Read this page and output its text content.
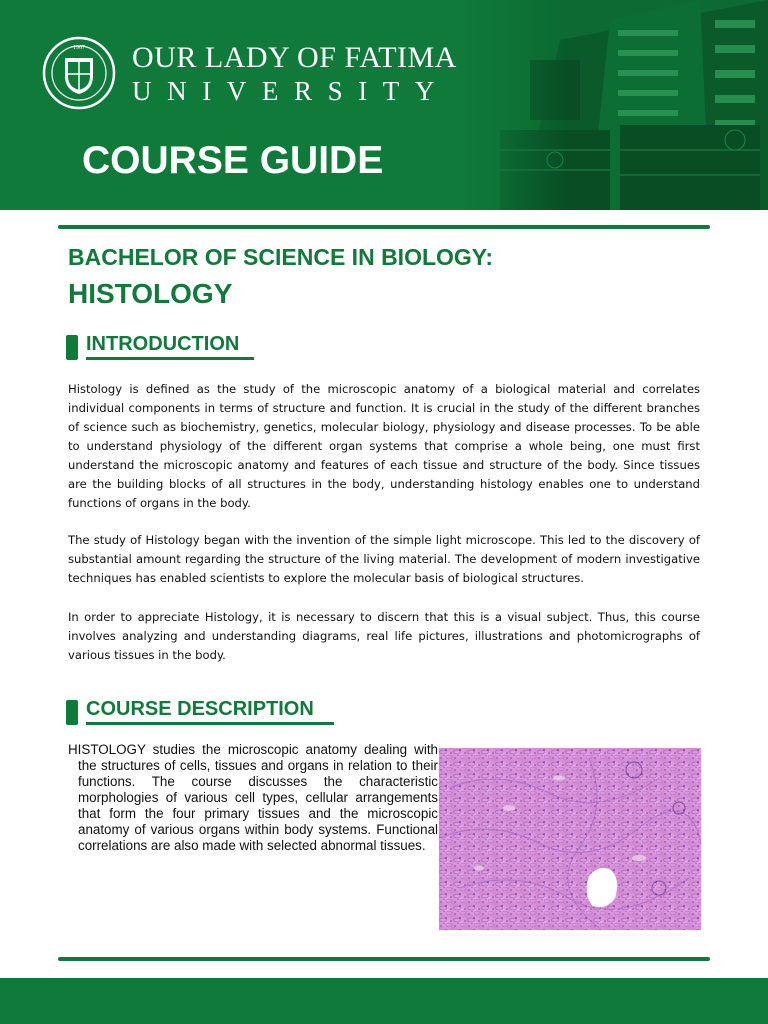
1967 OUR LADY OF FATIMA
UNIVERSITY
COURSE GUIDE
BACHELOR OF SCIENCE IN BIOLOGY:
HISTOLOGY
INTRODUCTION
Histology is defined as the study of the microscopic anatomy of a biological material and correlates individual components in terms of structure and function. It is crucial in the study of the different branches of science such as biochemistry, genetics, molecular biology, physiology and disease processes. To be able to understand physiology of the different organ systems that comprise a whole being, one must first understand the microscopic anatomy and features of each tissue and structure of the body. Since tissues are the building blocks of all structures in the body, understanding histology enables one to understand functions of organs in the body.
The study of Histology began with the invention of the simple light microscope. This led to the discovery of substantial amount regarding the structure of the living material. The development of modern investigative techniques has enabled scientists to explore the molecular basis of biological structures.
In order to appreciate Histology, it is necessary to discern that this is a visual subject. Thus, this course involves analyzing and understanding diagrams, real life pictures, illustrations and photomicrographs of various tissues in the body.
COURSE DESCRIPTION
HISTOLOGY studies the microscopic anatomy dealing with the structures of cells, tissues and organs in relation to their functions. The course discusses the characteristic morphologies of various cell types, cellular arrangements that form the four primary tissues and the microscopic anatomy of various organs within body systems. Functional correlations are also made with selected abnormal tissues.
